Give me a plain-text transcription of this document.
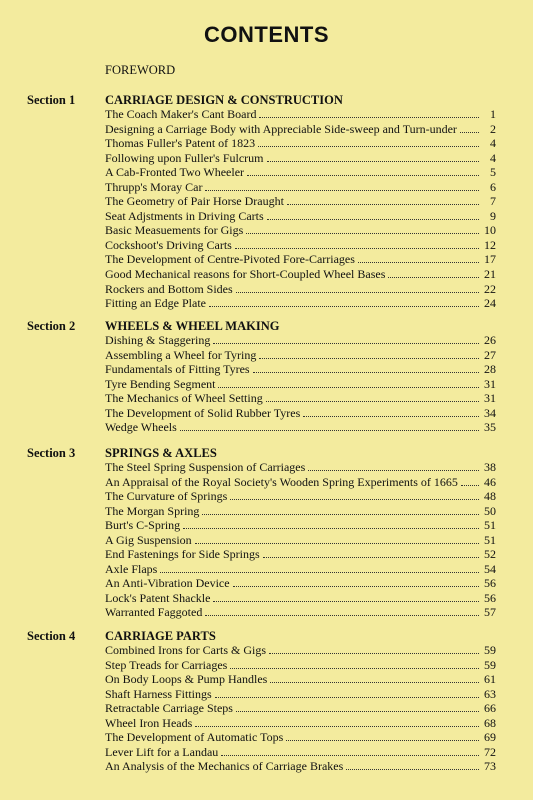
CONTENTS
FOREWORD
Section 1 CARRIAGE DESIGN & CONSTRUCTION
The Coach Maker's Cant Board	1
Designing a Carriage Body with Appreciable Side-sweep and Turn-under	2
Thomas Fuller's Patent of 1823	4
Following upon Fuller's Fulcrum	4
A Cab-Fronted Two Wheeler	5
Thrupp's Moray Car	6
The Geometry of Pair Horse Draught	7
Seat Adjstments in Driving Carts	9
Basic Measuements for Gigs	10
Cockshoot's Driving Carts	12
The Development of Centre-Pivoted Fore-Carriages	17
Good Mechanical reasons for Short-Coupled Wheel Bases	21
Rockers and Bottom Sides	22
Fitting an Edge Plate	24
Section 2 WHEELS & WHEEL MAKING
Dishing & Staggering	26
Assembling a Wheel for Tyring	27
Fundamentals of Fitting Tyres	28
Tyre Bending Segment	31
The Mechanics of Wheel Setting	31
The Development of Solid Rubber Tyres	34
Wedge Wheels	35
Section 3 SPRINGS & AXLES
The Steel Spring Suspension of Carriages	38
An Appraisal of the Royal Society's Wooden Spring Experiments of 1665 46
The Curvature of Springs	48
The Morgan Spring	50
Burt's C-Spring	51
A Gig Suspension	51
End Fastenings for Side Springs	52
Axle Flaps	54
An Anti-Vibration Device	56
Lock's Patent Shackle	56
Warranted Faggoted	57
Section 4 CARRIAGE PARTS
Combined Irons for Carts & Gigs	59
Step Treads for Carriages	59
On Body Loops & Pump Handles	61
Shaft Harness Fittings	63
Retractable Carriage Steps	66
Wheel Iron Heads	68
The Development of Automatic Tops	69
Lever Lift for a Landau	72
An Analysis of the Mechanics of Carriage Brakes	73
